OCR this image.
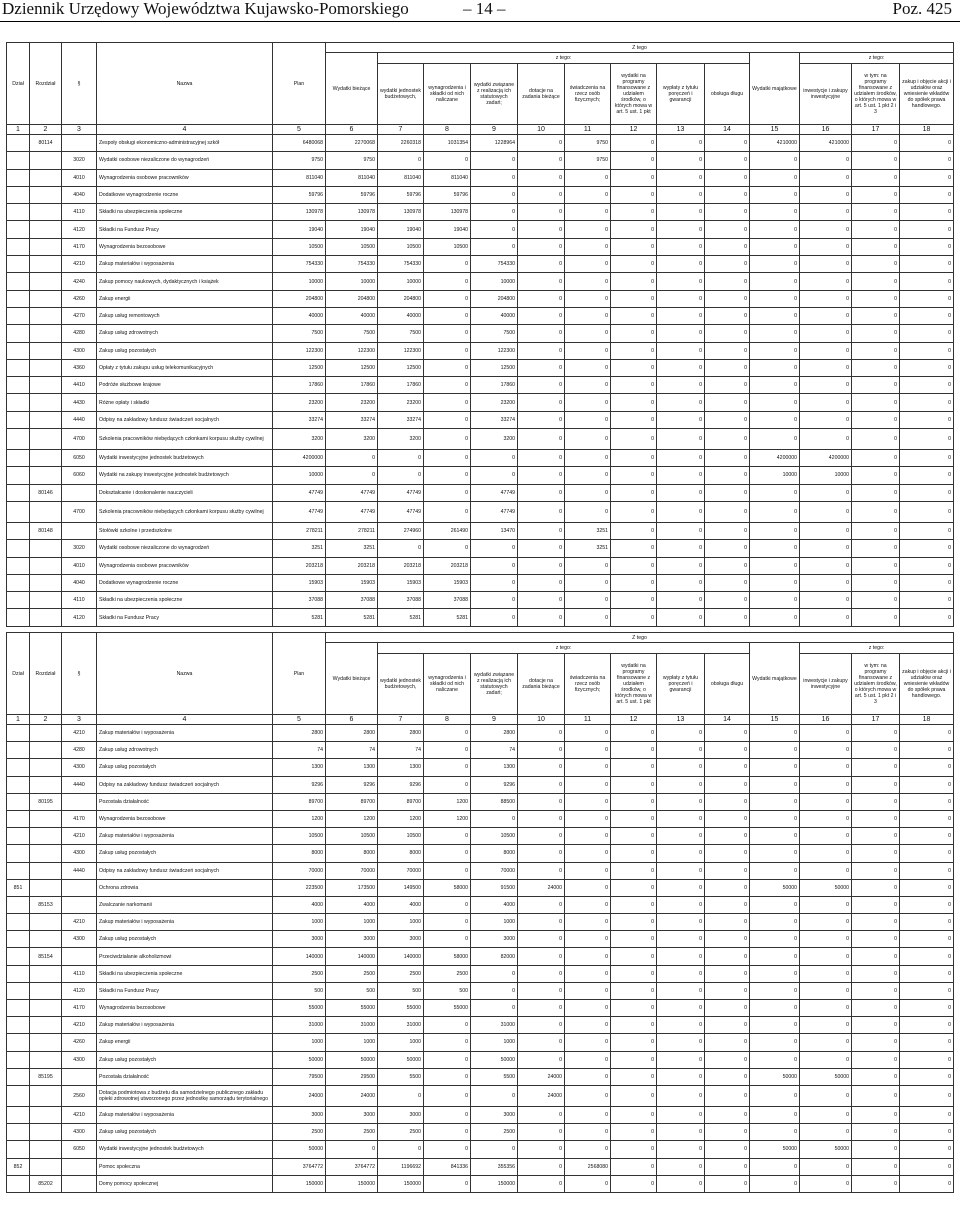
Dziennik Urzędowy Województwa Kujawsko-Pomorskiego	– 14 –	Poz. 425
Dział	Rozdział	§	Nazwa	Plan	Z tego												
					Wydatki bieżące	z tego:								Wydatki majątkowe	z tego:		
						wydatki jednostek budżetowych,	wynagrodzenia i składki od nich naliczane	wydatki związane z realizacją ich statutowych zadań;	dotacje na zadania bieżące	świadczenia na rzecz osób fizycznych;	wydatki na programy finansowane z udziałem środków, o których mowa w art. 5 ust. 1 pkt	wypłaty z tytułu poręczeń i gwarancji	obsługa długu		inwestycje i zakupy inwestycyjne	w tym: na programy finansowane z udziałem środków, o których mowa w art. 5 ust. 1 pkt 2 i 3	zakup i objęcie akcji i udziałów oraz wniesienie wkładów do spółek prawa handlowego.
1	2	3	4	5	6	7	8	9	10	11	12	13	14	15	16	17	18
	80114		Zespoły obsługi ekonomiczno-administracyjnej szkół	6480068	2270068	2260318	1031354	1228964	0	9750	0	0	0	4210000	4210000	0	0
		3020	Wydatki osobowe niezaliczone do wynagrodzeń	9750	9750	0	0	0	0	9750	0	0	0	0	0	0	0
		4010	Wynagrodzenia osobowe pracowników	811040	811040	811040	811040	0	0	0	0	0	0	0	0	0	0
		4040	Dodatkowe wynagrodzenie roczne	59796	59796	59796	59796	0	0	0	0	0	0	0	0	0	0
		4110	Składki na ubezpieczenia społeczne	130978	130978	130978	130978	0	0	0	0	0	0	0	0	0	0
		4120	Składki na Fundusz Pracy	19040	19040	19040	19040	0	0	0	0	0	0	0	0	0	0
		4170	Wynagrodzenia bezosobowe	10500	10500	10500	10500	0	0	0	0	0	0	0	0	0	0
		4210	Zakup materiałów i wyposażenia	754330	754330	754330	0	754330	0	0	0	0	0	0	0	0	0
		4240	Zakup pomocy naukowych, dydaktycznych i książek	10000	10000	10000	0	10000	0	0	0	0	0	0	0	0	0
		4260	Zakup energii	204800	204800	204800	0	204800	0	0	0	0	0	0	0	0	0
		4270	Zakup usług remontowych	40000	40000	40000	0	40000	0	0	0	0	0	0	0	0	0
		4280	Zakup usług zdrowotnych	7500	7500	7500	0	7500	0	0	0	0	0	0	0	0	0
		4300	Zakup usług pozostałych	122300	122300	122300	0	122300	0	0	0	0	0	0	0	0	0
		4360	Opłaty z tytułu zakupu usług telekomunikacyjnych	12500	12500	12500	0	12500	0	0	0	0	0	0	0	0	0
		4410	Podróże służbowe krajowe	17860	17860	17860	0	17860	0	0	0	0	0	0	0	0	0
		4430	Różne opłaty i składki	23200	23200	23200	0	23200	0	0	0	0	0	0	0	0	0
		4440	Odpisy na zakładowy fundusz świadczeń socjalnych	33274	33274	33274	0	33274	0	0	0	0	0	0	0	0	0
		4700	Szkolenia pracowników niebędących członkami korpusu służby cywilnej	3200	3200	3200	0	3200	0	0	0	0	0	0	0	0	0
		6050	Wydatki inwestycyjne jednostek budżetowych	4200000	0	0	0	0	0	0	0	0	0	4200000	4200000	0	0
		6060	Wydatki na zakupy inwestycyjne jednostek budżetowych	10000	0	0	0	0	0	0	0	0	0	10000	10000	0	0
	80146		Dokształcanie i doskonalenie nauczycieli	47749	47749	47749	0	47749	0	0	0	0	0	0	0	0	0
		4700	Szkolenia pracowników niebędących członkami korpusu służby cywilnej	47749	47749	47749	0	47749	0	0	0	0	0	0	0	0	0
	80148		Stołówki szkolne i przedszkolne	278211	278211	274960	261490	13470	0	3251	0	0	0	0	0	0	0
		3020	Wydatki osobowe niezaliczone do wynagrodzeń	3251	3251	0	0	0	0	3251	0	0	0	0	0	0	0
		4010	Wynagrodzenia osobowe pracowników	203218	203218	203218	203218	0	0	0	0	0	0	0	0	0	0
		4040	Dodatkowe wynagrodzenie roczne	15903	15903	15903	15903	0	0	0	0	0	0	0	0	0	0
		4110	Składki na ubezpieczenia społeczne	37088	37088	37088	37088	0	0	0	0	0	0	0	0	0	0
		4120	Składki na Fundusz Pracy	5281	5281	5281	5281	0	0	0	0	0	0	0	0	0	0
Dział	Rozdział	§	Nazwa	Plan	Z tego												
					Wydatki bieżące	z tego:								Wydatki majątkowe	z tego:		
						wydatki jednostek budżetowych,	wynagrodzenia i składki od nich naliczane	wydatki związane z realizacją ich statutowych zadań;	dotacje na zadania bieżące	świadczenia na rzecz osób fizycznych;	wydatki na programy finansowane z udziałem środków, o których mowa w art. 5 ust. 1 pkt	wypłaty z tytułu poręczeń i gwarancji	obsługa długu		inwestycje i zakupy inwestycyjne	w tym: na programy finansowane z udziałem środków, o których mowa w art. 5 ust. 1 pkt 2 i 3	zakup i objęcie akcji i udziałów oraz wniesienie wkładów do spółek prawa handlowego.
1	2	3	4	5	6	7	8	9	10	11	12	13	14	15	16	17	18
		4210	Zakup materiałów i wyposażenia	2800	2800	2800	0	2800	0	0	0	0	0	0	0	0	0
		4280	Zakup usług zdrowotnych	74	74	74	0	74	0	0	0	0	0	0	0	0	0
		4300	Zakup usług pozostałych	1300	1300	1300	0	1300	0	0	0	0	0	0	0	0	0
		4440	Odpisy na zakładowy fundusz świadczeń socjalnych	9296	9296	9296	0	9296	0	0	0	0	0	0	0	0	0
	80195		Pozostała działalność	89700	89700	89700	1200	88500	0	0	0	0	0	0	0	0	0
		4170	Wynagrodzenia bezosobowe	1200	1200	1200	1200	0	0	0	0	0	0	0	0	0	0
		4210	Zakup materiałów i wyposażenia	10500	10500	10500	0	10500	0	0	0	0	0	0	0	0	0
		4300	Zakup usług pozostałych	8000	8000	8000	0	8000	0	0	0	0	0	0	0	0	0
		4440	Odpisy na zakładowy fundusz świadczeń socjalnych	70000	70000	70000	0	70000	0	0	0	0	0	0	0	0	0
851			Ochrona zdrowia	223500	173500	149500	58000	91500	24000	0	0	0	0	50000	50000	0	0
	85153		Zwalczanie narkomanii	4000	4000	4000	0	4000	0	0	0	0	0	0	0	0	0
		4210	Zakup materiałów i wyposażenia	1000	1000	1000	0	1000	0	0	0	0	0	0	0	0	0
		4300	Zakup usług pozostałych	3000	3000	3000	0	3000	0	0	0	0	0	0	0	0	0
	85154		Przeciwdziałanie alkoholizmowi	140000	140000	140000	58000	82000	0	0	0	0	0	0	0	0	0
		4110	Składki na ubezpieczenia społeczne	2500	2500	2500	2500	0	0	0	0	0	0	0	0	0	0
		4120	Składki na Fundusz Pracy	500	500	500	500	0	0	0	0	0	0	0	0	0	0
		4170	Wynagrodzenia bezosobowe	55000	55000	55000	55000	0	0	0	0	0	0	0	0	0	0
		4210	Zakup materiałów i wyposażenia	31000	31000	31000	0	31000	0	0	0	0	0	0	0	0	0
		4260	Zakup energii	1000	1000	1000	0	1000	0	0	0	0	0	0	0	0	0
		4300	Zakup usług pozostałych	50000	50000	50000	0	50000	0	0	0	0	0	0	0	0	0
	85195		Pozostała działalność	79500	29500	5500	0	5500	24000	0	0	0	0	50000	50000	0	0
		2560	Dotacja podmiotowa z budżetu dla samodzielnego publicznego zakładu opieki zdrowotnej utworzonego przez jednostkę samorządu terytorialnego	24000	24000	0	0	0	24000	0	0	0	0	0	0	0	0
		4210	Zakup materiałów i wyposażenia	3000	3000	3000	0	3000	0	0	0	0	0	0	0	0	0
		4300	Zakup usług pozostałych	2500	2500	2500	0	2500	0	0	0	0	0	0	0	0	0
		6050	Wydatki inwestycyjne jednostek budżetowych	50000	0	0	0	0	0	0	0	0	0	50000	50000	0	0
852			Pomoc społeczna	3764772	3764772	1196692	841336	355356	0	2568080	0	0	0	0	0	0	0
	85202		Domy pomocy społecznej	150000	150000	150000	0	150000	0	0	0	0	0	0	0	0	0
